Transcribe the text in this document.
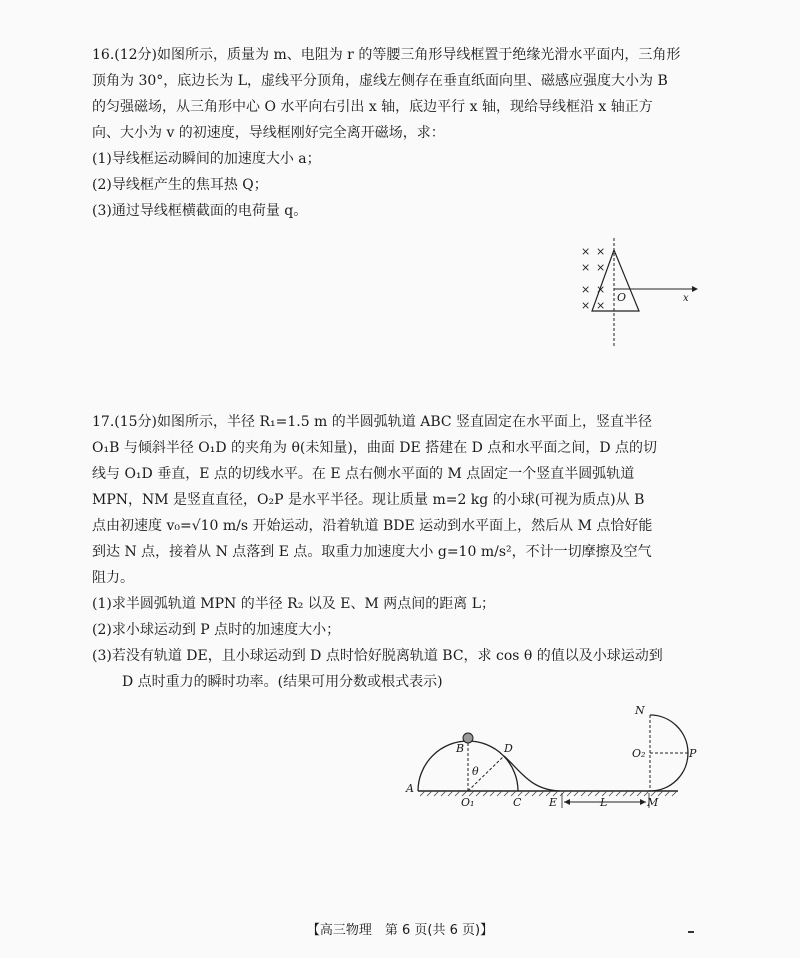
16.(12分)如图所示，质量为 m、电阻为 r 的等腰三角形导线框置于绝缘光滑水平面内，三角形

顶角为 30°，底边长为 L，虚线平分顶角，虚线左侧存在垂直纸面向里、磁感应强度大小为 B

的匀强磁场，从三角形中心 O 水平向右引出 x 轴，底边平行 x 轴，现给导线框沿 x 轴正方

向、大小为 v 的初速度，导线框刚好完全离开磁场，求：

(1)导线框运动瞬间的加速度大小 a；

(2)导线框产生的焦耳热 Q；

(3)通过导线框横截面的电荷量 q。

× ×
× ×
× ×
× ×
O	x

17.(15分)如图所示，半径 R₁=1.5 m 的半圆弧轨道 ABC 竖直固定在水平面上，竖直半径

O₁B 与倾斜半径 O₁D 的夹角为 θ(未知量)，曲面 DE 搭建在 D 点和水平面之间，D 点的切

线与 O₁D 垂直，E 点的切线水平。在 E 点右侧水平面的 M 点固定一个竖直半圆弧轨道

MPN，NM 是竖直直径，O₂P 是水平半径。现让质量 m=2 kg 的小球(可视为质点)从 B

点由初速度 v₀=√10 m/s 开始运动，沿着轨道 BDE 运动到水平面上，然后从 M 点恰好能

到达 N 点，接着从 N 点落到 E 点。取重力加速度大小 g=10 m/s²，不计一切摩擦及空气

阻力。

(1)求半圆弧轨道 MPN 的半径 R₂ 以及 E、M 两点间的距离 L；

(2)求小球运动到 P 点时的加速度大小；

(3)若没有轨道 DE，且小球运动到 D 点时恰好脱离轨道 BC，求 cos θ 的值以及小球运动到

D 点时重力的瞬时功率。(结果可用分数或根式表示)

A
B
C
D
E	M
N
P
O₁
O₂
θ
L
【高三物理　第 6 页(共 6 页)】
